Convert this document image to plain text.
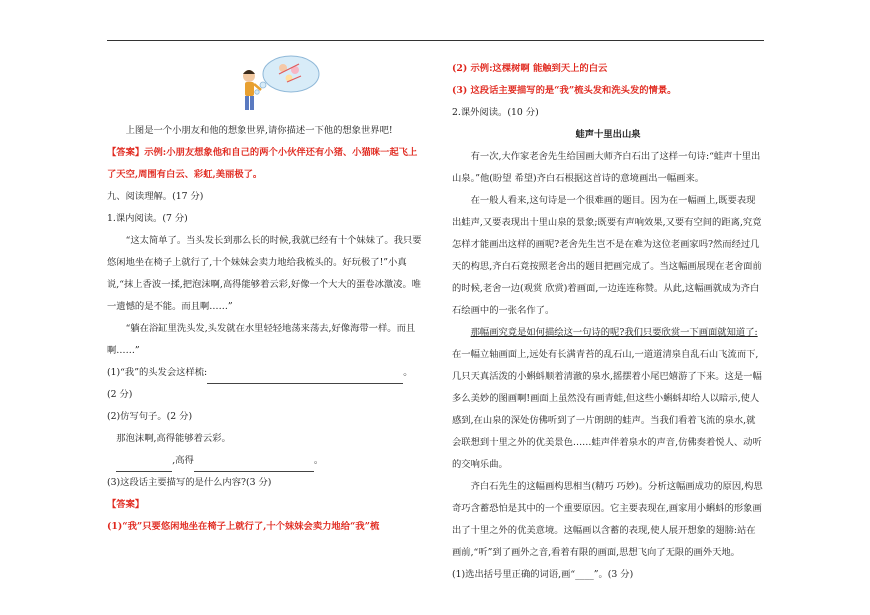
上图是一个小朋友和他的想象世界,请你描述一下他的想象世界吧!

【答案】示例:小朋友想象他和自己的两个小伙伴还有小猪、小猫咪一起飞上了天空,周围有白云、彩虹,美丽极了。

九、阅读理解。(17 分)

1.课内阅读。(7 分)

“这太简单了。当头发长到那么长的时候,我就已经有十个妹妹了。我只要悠闲地坐在椅子上就行了,十个妹妹会卖力地给我梳头的。好玩极了!”小真说,“抹上香波一揉,把泡沫啊,高得能够着云彩,好像一个大大的蛋卷冰激凌。唯一遗憾的是不能。而且啊……”

“躺在浴缸里洗头发,头发就在水里轻轻地荡来荡去,好像海带一样。而且啊……”

(1)“我”的头发会这样梳:	。

(2 分)

(2)仿写句子。(2 分)

那泡沫啊,高得能够着云彩。

,高得	。

(3)这段话主要描写的是什么内容?(3 分)

【答案】

(1)“我”只要悠闲地坐在椅子上就行了,十个妹妹会卖力地给“我”梳

(2) 示例:这棵树啊 能触到天上的白云

(3) 这段话主要描写的是“我”梳头发和洗头发的情景。

2.课外阅读。(10 分)

蛙声十里出山泉

有一次,大作家老舍先生给国画大师齐白石出了这样一句诗:“蛙声十里出山泉。”他(盼望 希望)齐白石根据这首诗的意境画出一幅画来。

在一般人看来,这句诗是一个很难画的题目。因为在一幅画上,既要表现出蛙声,又要表现出十里山泉的景象;既要有声响效果,又要有空间的距离,究竟怎样才能画出这样的画呢?老舍先生岂不是在难为这位老画家吗?然而经过几天的构思,齐白石竟按照老舍出的题目把画完成了。当这幅画展现在老舍面前的时候,老舍一边(观赏 欣赏)着画面,一边连连称赞。从此,这幅画就成为齐白石绘画中的一张名作了。

那幅画究竟是如何描绘这一句诗的呢?我们只要欣赏一下画面就知道了:在一幅立轴画面上,远处有长满青苔的乱石山,一道道清泉自乱石山飞流而下,几只天真活泼的小蝌蚪顺着清澈的泉水,摇摆着小尾巴嬉游了下来。这是一幅多么美妙的图画啊!画面上虽然没有画青蛙,但这些小蝌蚪却给人以暗示,使人感到,在山泉的深处仿佛听到了一片朗朗的蛙声。当我们看着飞流的泉水,就会联想到十里之外的优美景色……蛙声伴着泉水的声音,仿佛奏着悦人、动听的交响乐曲。

齐白石先生的这幅画构思相当(精巧 巧妙)。分析这幅画成功的原因,构思奇巧含蓄恐怕是其中的一个重要原因。它主要表现在,画家用小蝌蚪的形象画出了十里之外的优美意境。这幅画以含蓄的表现,使人展开想象的翅膀:站在画前,“听”到了画外之音,看着有限的画面,思想飞向了无限的画外天地。

(1)选出括号里正确的词语,画“____”。(3 分)
